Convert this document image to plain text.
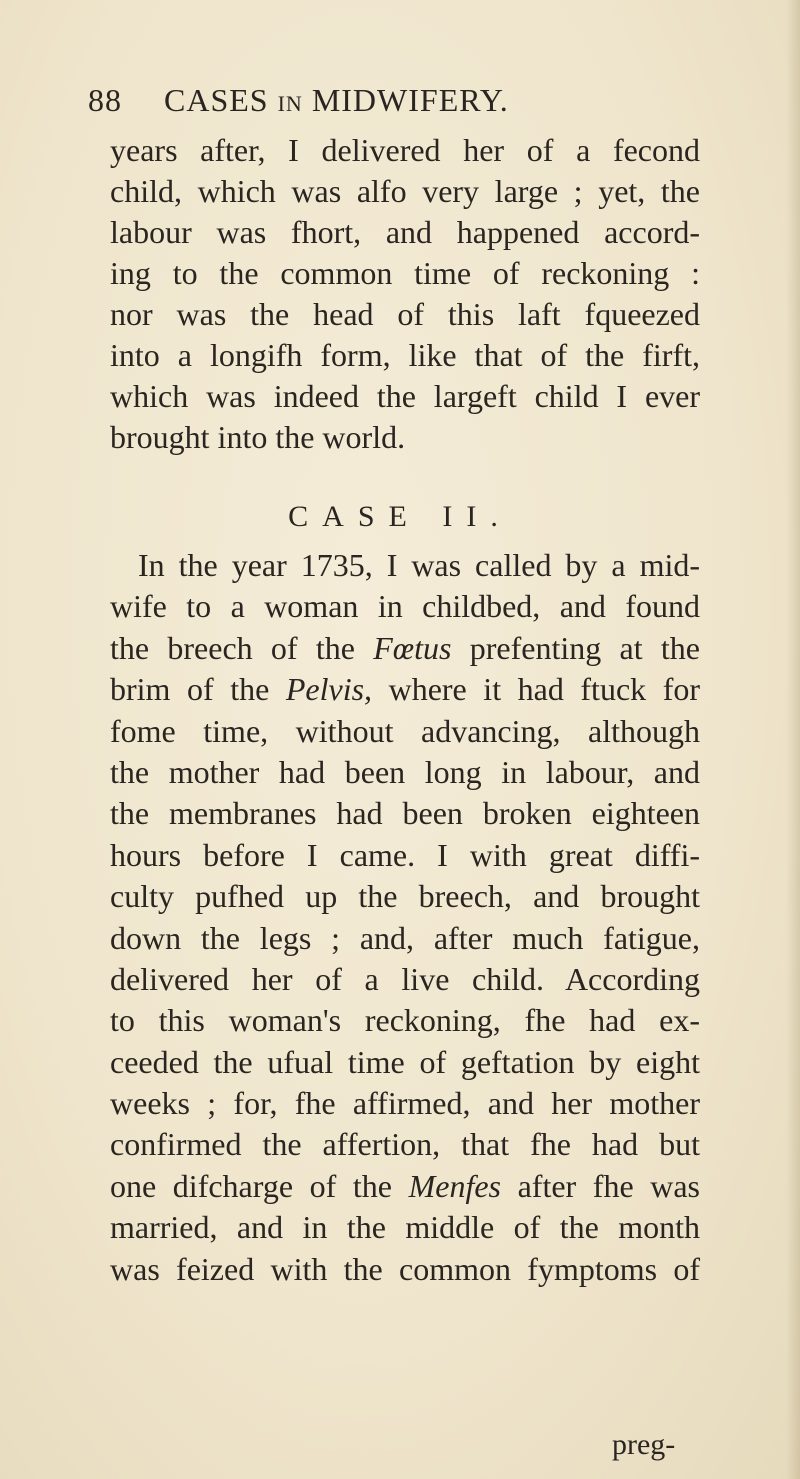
88 CASES IN MIDWIFERY.
years after, I delivered her of a fecond
child, which was alfo very large ; yet, the
labour was fhort, and happened accord-
ing to the common time of reckoning :
nor was the head of this laft fqueezed
into a longifh form, like that of the firft,
which was indeed the largeft child I ever
brought into the world.
CASE II.
In the year 1735, I was called by a mid-
wife to a woman in childbed, and found
the breech of the Fœtus prefenting at the
brim of the Pelvis, where it had ftuck for
fome time, without advancing, although
the mother had been long in labour, and
the membranes had been broken eighteen
hours before I came. I with great diffi-
culty pufhed up the breech, and brought
down the legs ; and, after much fatigue,
delivered her of a live child. According
to this woman's reckoning, fhe had ex-
ceeded the ufual time of geftation by eight
weeks ; for, fhe affirmed, and her mother
confirmed the affertion, that fhe had but
one difcharge of the Menfes after fhe was
married, and in the middle of the month
was feized with the common fymptoms of
preg-
